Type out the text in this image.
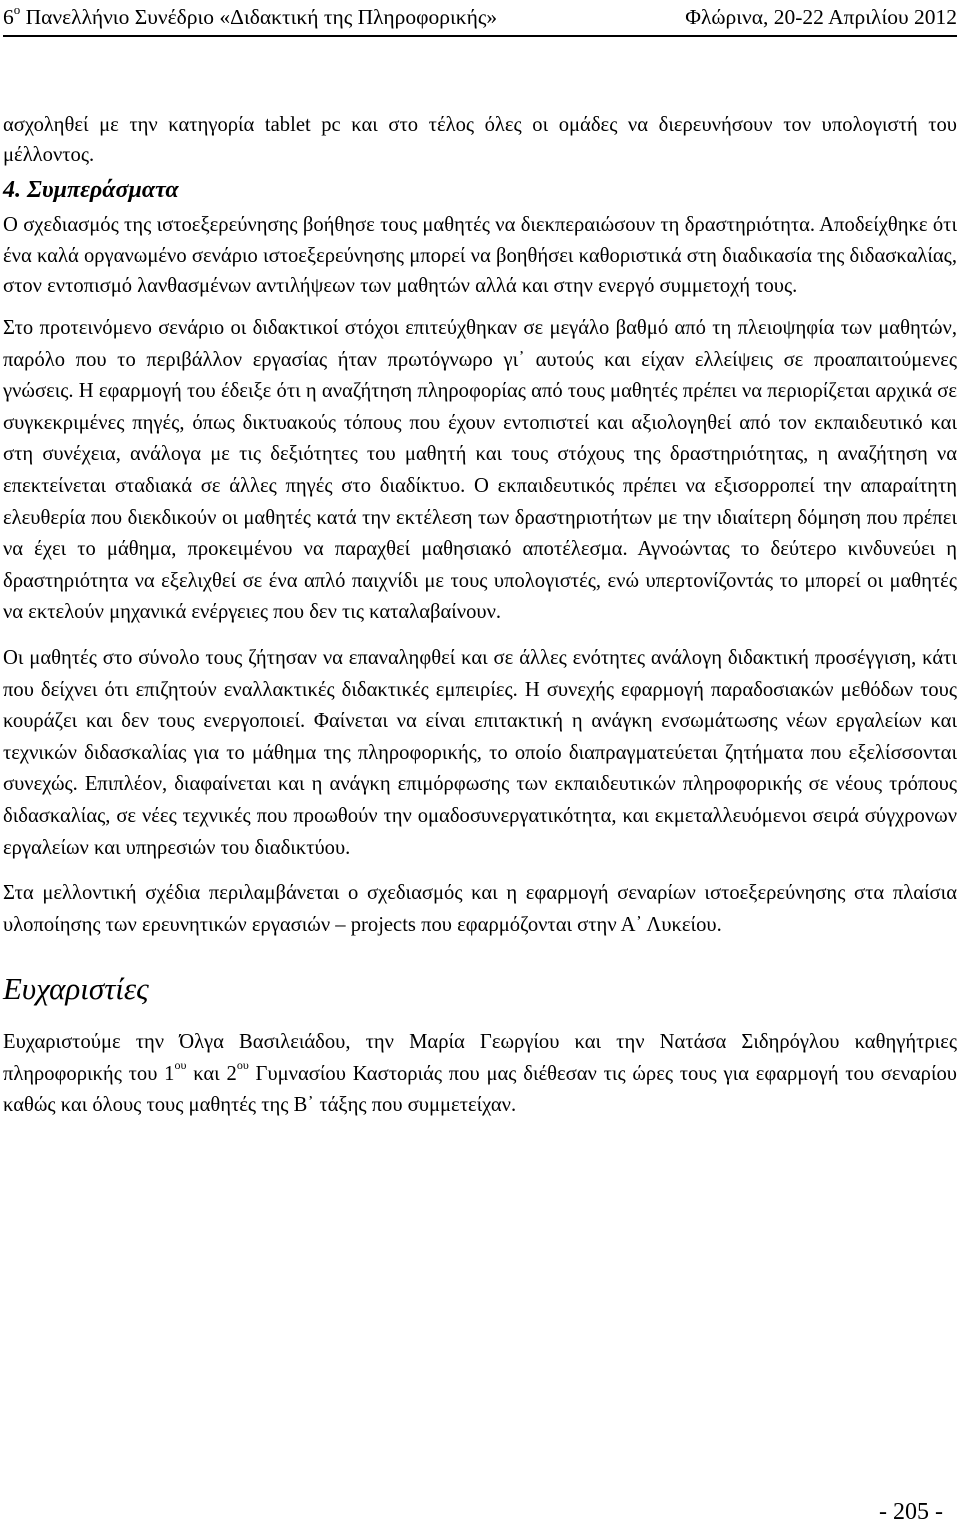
$6^o$ Πανελλήνιο Συνέδριο «Διδακτική της Πληροφορικής»	Φλώρινα, 20-22 Απριλίου 2012

ασχοληθεί με την κατηγορία tablet pc και στο τέλος όλες οι ομάδες να διερευνήσουν τον υπολογιστή του μέλλοντος.

4. Συμπεράσματα

Ο σχεδιασμός της ιστοεξερεύνησης βοήθησε τους μαθητές να διεκπεραιώσουν τη δραστηριότητα. Αποδείχθηκε ότι ένα καλά οργανωμένο σενάριο ιστοεξερεύνησης μπορεί να βοηθήσει καθοριστικά στη διαδικασία της διδασκαλίας, στον εντοπισμό λανθασμένων αντιλήψεων των μαθητών αλλά και στην ενεργό συμμετοχή τους.

Στο προτεινόμενο σενάριο οι διδακτικοί στόχοι επιτεύχθηκαν σε μεγάλο βαθμό από τη πλειοψηφία των μαθητών, παρόλο που το περιβάλλον εργασίας ήταν πρωτόγνωρο γι᾽ αυτούς και είχαν ελλείψεις σε προαπαιτούμενες γνώσεις. Η εφαρμογή του έδειξε ότι η αναζήτηση πληροφορίας από τους μαθητές πρέπει να περιορίζεται αρχικά σε συγκεκριμένες πηγές, όπως δικτυακούς τόπους που έχουν εντοπιστεί και αξιολογηθεί από τον εκπαιδευτικό και στη συνέχεια, ανάλογα με τις δεξιότητες του μαθητή και τους στόχους της δραστηριότητας, η αναζήτηση να επεκτείνεται σταδιακά σε άλλες πηγές στο διαδίκτυο. Ο εκπαιδευτικός πρέπει να εξισορροπεί την απαραίτητη ελευθερία που διεκδικούν οι μαθητές κατά την εκτέλεση των δραστηριοτήτων με την ιδιαίτερη δόμηση που πρέπει να έχει το μάθημα, προκειμένου να παραχθεί μαθησιακό αποτέλεσμα. Αγνοώντας το δεύτερο κινδυνεύει η δραστηριότητα να εξελιχθεί σε ένα απλό παιχνίδι με τους υπολογιστές, ενώ υπερτονίζοντάς το μπορεί οι μαθητές να εκτελούν μηχανικά ενέργειες που δεν τις καταλαβαίνουν.

Οι μαθητές στο σύνολο τους ζήτησαν να επαναληφθεί και σε άλλες ενότητες ανάλογη διδακτική προσέγγιση, κάτι που δείχνει ότι επιζητούν εναλλακτικές διδακτικές εμπειρίες. Η συνεχής εφαρμογή παραδοσιακών μεθόδων τους κουράζει και δεν τους ενεργοποιεί. Φαίνεται να είναι επιτακτική η ανάγκη ενσωμάτωσης νέων εργαλείων και τεχνικών διδασκαλίας για το μάθημα της πληροφορικής, το οποίο διαπραγματεύεται ζητήματα που εξελίσσονται συνεχώς. Επιπλέον, διαφαίνεται και η ανάγκη επιμόρφωσης των εκπαιδευτικών πληροφορικής σε νέους τρόπους διδασκαλίας, σε νέες τεχνικές που προωθούν την ομαδοσυνεργατικότητα, και εκμεταλλευόμενοι σειρά σύγχρονων εργαλείων και υπηρεσιών του διαδικτύου.

Στα μελλοντική σχέδια περιλαμβάνεται ο σχεδιασμός και η εφαρμογή σεναρίων ιστοεξερεύνησης στα πλαίσια υλοποίησης των ερευνητικών εργασιών – projects που εφαρμόζονται στην Α᾽ Λυκείου.

Ευχαριστίες

Ευχαριστούμε την Όλγα Βασιλειάδου, την Μαρία Γεωργίου και την Νατάσα Σιδηρόγλου καθηγήτριες πληροφορικής του $1^{o\upsilon}$ και $2^{o\upsilon}$ Γυμνασίου Καστοριάς που μας διέθεσαν τις ώρες τους για εφαρμογή του σεναρίου καθώς και όλους τους μαθητές της Β᾽ τάξης που συμμετείχαν.

- 205 -
